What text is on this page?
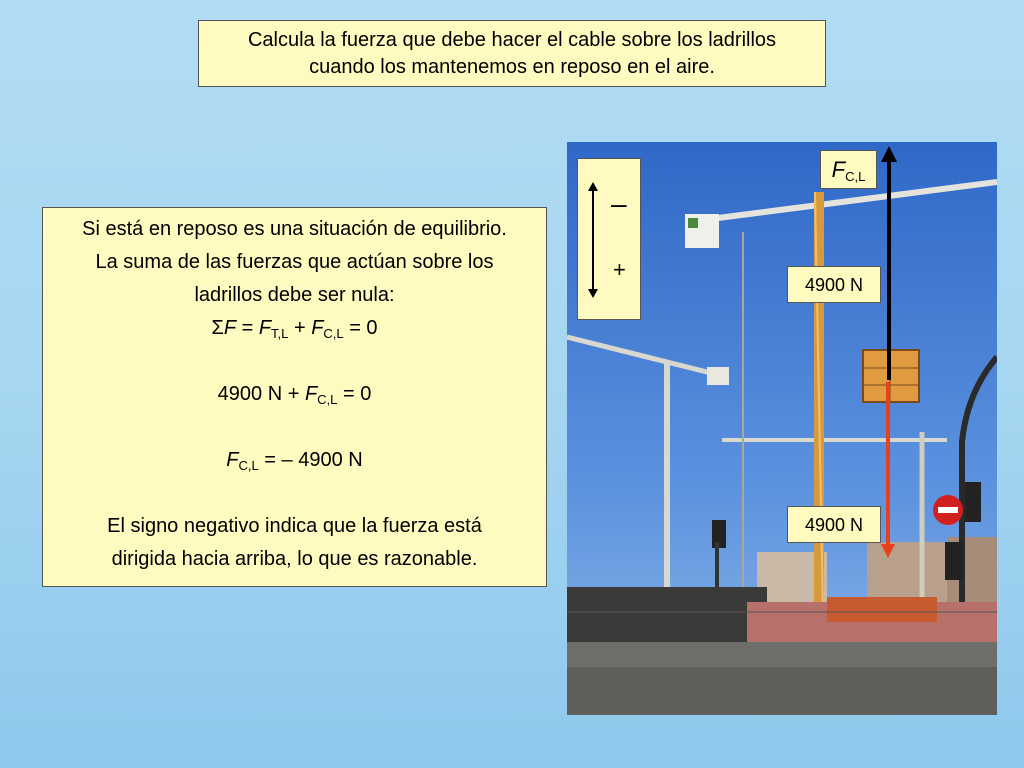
Calcula la fuerza que debe hacer el cable sobre los ladrillos
cuando los mantenemos en reposo en el aire.
Si está en reposo es una situación de equilibrio.
La suma de las fuerzas que actúan sobre los
ladrillos debe ser nula:
$\Sigma F = F_{T,L} + F_{C,L} = 0$
4900 $N + F_{C,L} = 0$
$F_{C,L}$ = – 4900 N
El signo negativo indica que la fuerza está
dirigida hacia arriba, lo que es razonable.
–
+
$F_{C,L}$
4900 N
4900 N
